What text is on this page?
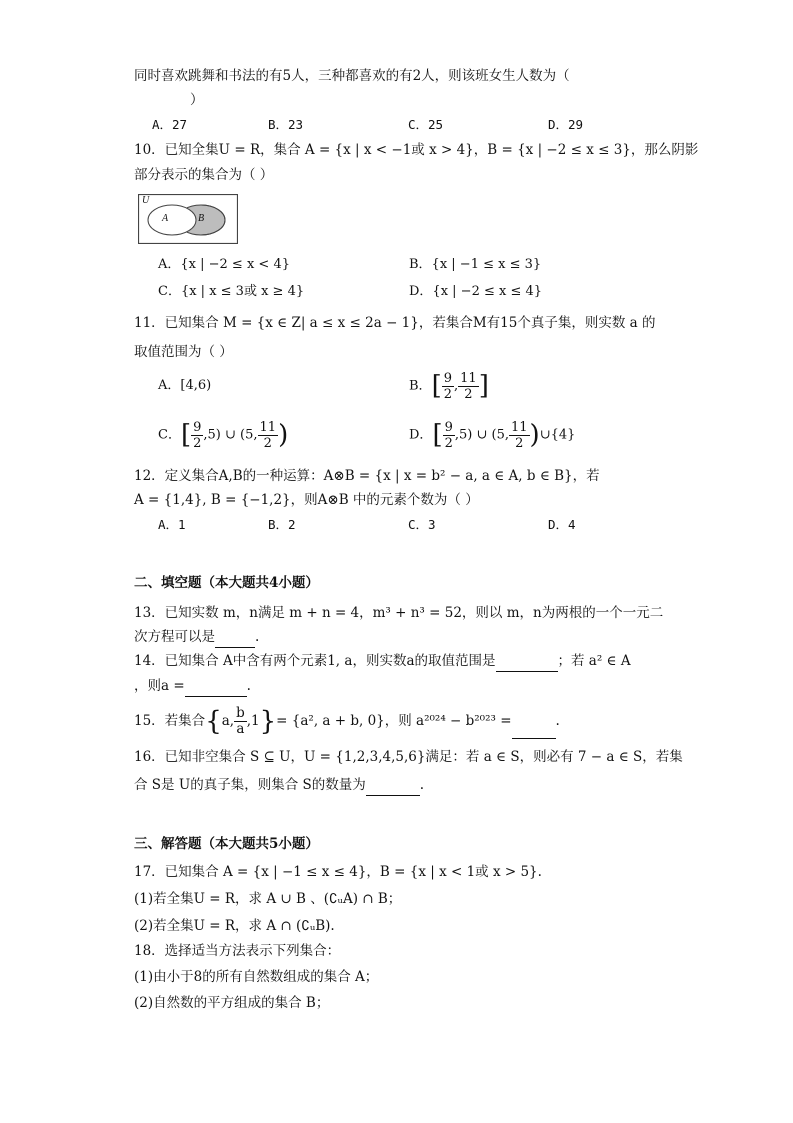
同时喜欢跳舞和书法的有5人，三种都喜欢的有2人，则该班女生人数为（
）
A．27	B．23	C．25	D．29
10．已知全集U = R，集合 A = {x | x < −1或 x > 4}，B = {x | −2 ≤ x ≤ 3}，那么阴影
部分表示的集合为（ ）
U
A	B
A．{x | −2 ≤ x < 4}	B．{x | −1 ≤ x ≤ 3}
C．{x | x ≤ 3或 x ≥ 4}	D．{x | −2 ≤ x ≤ 4}
11．已知集合 M = {x ∈ Z| a ≤ x ≤ 2a − 1}，若集合M有15个真子集，则实数 a 的
取值范围为（ ）
A．[4,6)	B．[ $\frac{9}{2}$ , $\frac{11}{2}$ ]
C．[ $\frac{9}{2} ,5$) ∪ (5, $\frac{11}{2}$ )	D．[ $\frac{9}{2} ,5$) ∪ (5, $\frac{11}{2}$ )∪{4}
12．定义集合A,B的一种运算：A⊗B = {x | x = b² − a, a ∈ A, b ∈ B}，若
A = {1,4}, B = {−1,2}，则A⊗B 中的元素个数为（ ）
A．1	B．2	C．3	D．4
二、填空题（本大题共4小题）
13．已知实数 m，n满足 m + n = 4，m³ + n³ = 52，则以 m，n为两根的一个一元二
次方程可以是	.
14．已知集合 A中含有两个元素1, a，则实数a的取值范围是	；若 a² ∈ A
，则a =	.
15．若集合{a, $\frac{b}{a} ,1\}= \{a^2$, a + b, 0}，则 a²⁰²⁴ − b²⁰²³ =	.
16．已知非空集合 S ⊆ U，U = {1,2,3,4,5,6}满足：若 a ∈ S，则必有 7 − a ∈ S，若集
合 S是 U的真子集，则集合 S的数量为	.
三、解答题（本大题共5小题）
17．已知集合 A = {x | −1 ≤ x ≤ 4}，B = {x | x < 1或 x > 5}.
(1)若全集U = R，求 A ∪ B 、(∁ᵤA) ∩ B；
(2)若全集U = R，求 A ∩ (∁ᵤB).
18．选择适当方法表示下列集合：
(1)由小于8的所有自然数组成的集合 A；
(2)自然数的平方组成的集合 B；
